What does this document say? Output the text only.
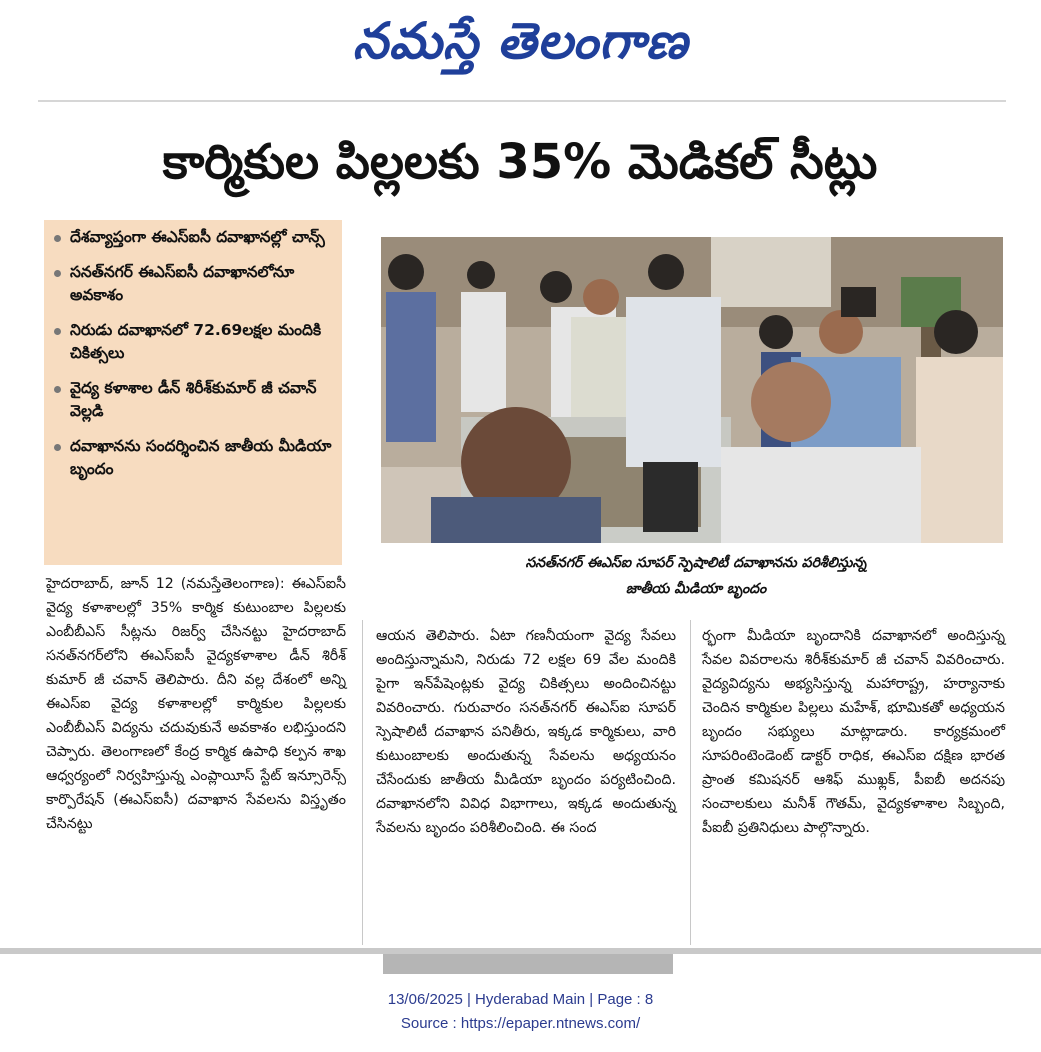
నమస్తే తెలంగాణ
కార్మికుల పిల్లలకు 35% మెడికల్ సీట్లు
దేశవ్యాప్తంగా ఈఎస్ఐసీ దవాఖానల్లో చాన్స్
సనత్‌నగర్ ఈఎస్ఐసీ దవాఖానలోనూ అవకాశం
నిరుడు దవాఖానలో 72.69లక్షల మందికి చికిత్సలు
వైద్య కళాశాల డీన్ శిరీశ్‌కుమార్ జీ చవాన్ వెల్లడి
దవాఖానను సందర్శించిన జాతీయ మీడియా బృందం
సనత్‌నగర్ ఈఎస్ఐ సూపర్ స్పెషాలిటీ దవాఖానను పరిశీలిస్తున్న
జాతీయ మీడియా బృందం
హైదరాబాద్, జూన్ 12 (నమస్తేతెలంగాణ): ఈఎస్ఐసీ వైద్య కళాశాలల్లో 35% కార్మిక కుటుంబాల పిల్లలకు ఎంబీబీఎస్ సీట్లను రిజర్వ్ చేసినట్టు హైదరాబాద్ సనత్‌నగర్‌లోని ఈఎస్ఐసీ వైద్యకళాశాల డీన్ శిరీశ్ కుమార్ జీ చవాన్ తెలిపారు. దీని వల్ల దేశంలో అన్ని ఈఎస్ఐ వైద్య కళాశాలల్లో కార్మికుల పిల్లలకు ఎంబీబీఎస్ విద్యను చదువుకునే అవకాశం లభిస్తుందని చెప్పారు. తెలంగాణలో కేంద్ర కార్మిక ఉపాధి కల్పన శాఖ ఆధ్వర్యంలో నిర్వహిస్తున్న ఎంప్లాయీస్ స్టేట్ ఇన్సూరెన్స్ కార్పొరేషన్ (ఈఎస్ఐసీ) దవాఖాన సేవలను విస్తృతం చేసినట్టు
ఆయన తెలిపారు. ఏటా గణనీయంగా వైద్య సేవలు అందిస్తున్నామని, నిరుడు 72 లక్షల 69 వేల మందికి పైగా ఇన్‌పేషెంట్లకు వైద్య చికిత్సలు అందించినట్టు వివరించారు. గురువారం సనత్‌నగర్ ఈఎస్ఐ సూపర్ స్పెషాలిటీ దవాఖాన పనితీరు, ఇక్కడ కార్మికులు, వారి కుటుంబాలకు అందుతున్న సేవలను అధ్యయనం చేసేందుకు జాతీయ మీడియా బృందం పర్యటించింది. దవాఖానలోని వివిధ విభాగాలు, ఇక్కడ అందుతున్న సేవలను బృందం పరిశీలించింది. ఈ సంద
ర్భంగా మీడియా బృందానికి దవాఖానలో అందిస్తున్న సేవల వివరాలను శిరీశ్‌కుమార్ జీ చవాన్ వివరించారు. వైద్యవిద్యను అభ్యసిస్తున్న మహారాష్ట్ర, హర్యానాకు చెందిన కార్మికుల పిల్లలు మహేశ్, భూమికతో అధ్యయన బృందం సభ్యులు మాట్లాడారు. కార్యక్రమంలో సూపరింటెండెంట్ డాక్టర్ రాధిక, ఈఎస్ఐ దక్షిణ భారత ప్రాంత కమిషనర్ ఆశిఫ్ ముఖ్లక్, పీఐబీ అదనపు సంచాలకులు మనీశ్ గౌతమ్, వైద్యకళాశాల సిబ్బంది, పీఐబీ ప్రతినిధులు పాల్గొన్నారు.
13/06/2025 | Hyderabad Main | Page : 8
Source : https://epaper.ntnews.com/
